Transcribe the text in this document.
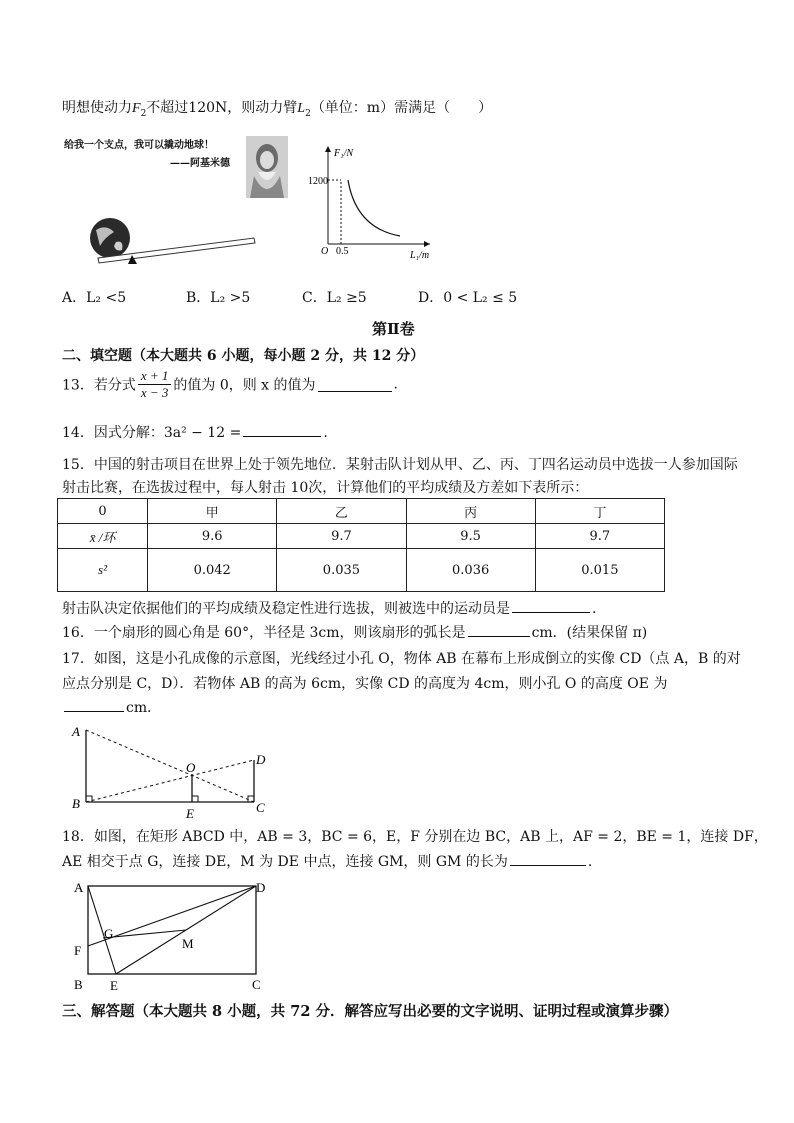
明想使动力$F_2$不超过120N，则动力臂$L_2$（单位：m）需满足（　　）
给我一个支点，我可以撬动地球！
——阿基米德
F₁/N
1200
O 0.5	L₁/m
A．L₂ <5	B．L₂ >5	C．L₂ ≥5	D．0 < L₂ ≤ 5
第Ⅱ卷
二、填空题（本大题共 6 小题，每小题 2 分，共 12 分）
13．若分式 $\frac{x + 1}{x - 3}$ 的值为 0，则 x 的值为	.
14．因式分解：3a² − 12 =	.
15．中国的射击项目在世界上处于领先地位．某射击队计划从甲、乙、丙、丁四名运动员中选拔一人参加国际
射击比赛，在选拔过程中，每人射击 10次，计算他们的平均成绩及方差如下表所示：
0	甲	乙	丙	丁
x̄ /环	9.6	9.7	9.5	9.7
s²	0.042	0.035	0.036	0.015
射击队决定依据他们的平均成绩及稳定性进行选拔，则被选中的运动员是	.
16．一个扇形的圆心角是 60°，半径是 3cm，则该扇形的弧长是	cm．(结果保留 π)
17．如图，这是小孔成像的示意图，光线经过小孔 O，物体 AB 在幕布上形成倒立的实像 CD（点 A，B 的对
应点分别是 C，D）．若物体 AB 的高为 6cm，实像 CD 的高度为 4cm，则小孔 O 的高度 OE 为
cm．
A
B	C
D
O
E
18．如图，在矩形 ABCD 中，AB = 3，BC = 6，E，F 分别在边 BC，AB 上，AF = 2，BE = 1，连接 DF，
AE 相交于点 G，连接 DE，M 为 DE 中点，连接 GM，则 GM 的长为	.
A
B	C
D
E
F
G
M
三、解答题（本大题共 8 小题，共 72 分．解答应写出必要的文字说明、证明过程或演算步骤）
